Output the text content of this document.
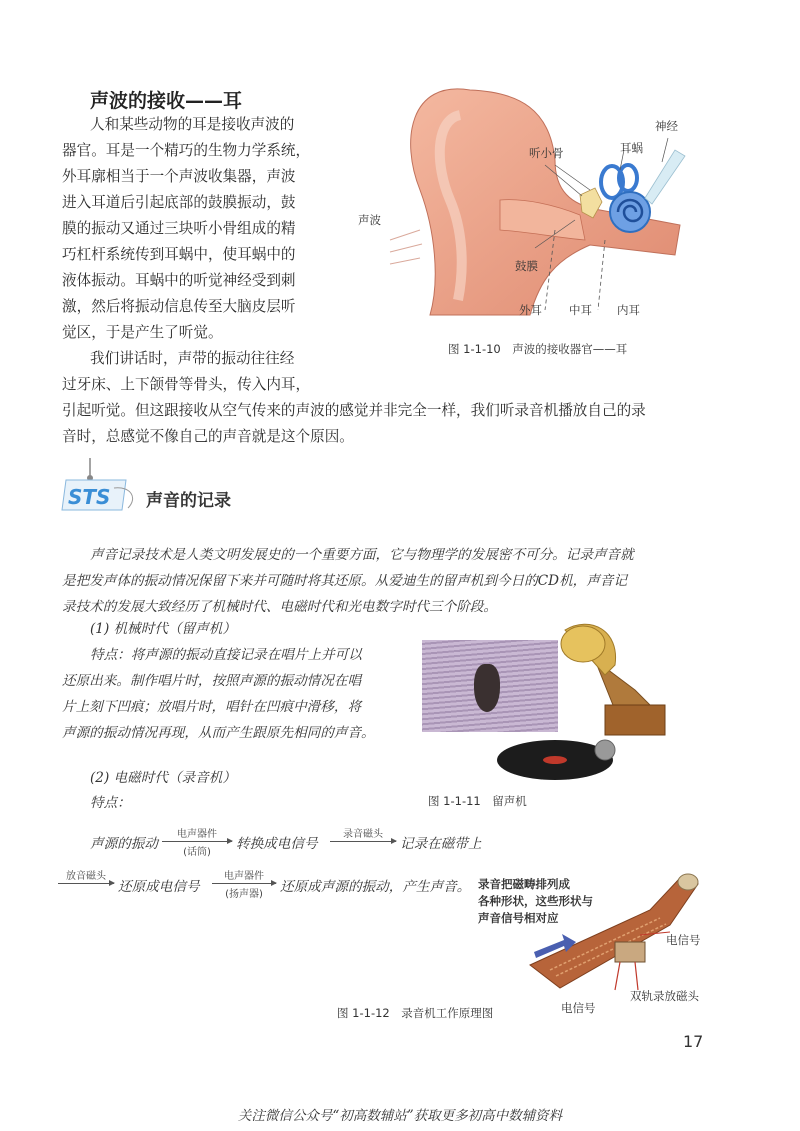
声波的接收——耳
人和某些动物的耳是接收声波的
器官。耳是一个精巧的生物力学系统，
外耳廓相当于一个声波收集器，声波
进入耳道后引起底部的鼓膜振动，鼓
膜的振动又通过三块听小骨组成的精
巧杠杆系统传到耳蜗中，使耳蜗中的
液体振动。耳蜗中的听觉神经受到刺
激，然后将振动信息传至大脑皮层听
觉区，于是产生了听觉。
我们讲话时，声带的振动往往经
过牙床、上下颌骨等骨头，传入内耳，
引起听觉。但这跟接收从空气传来的声波的感觉并非完全一样，我们听录音机播放自己的录
音时，总感觉不像自己的声音就是这个原因。
神经
听小骨	耳蜗
声波
鼓膜
外耳 中耳 内耳
图 1-1-10　声波的接收器官——耳
STS 声音的记录
声音记录技术是人类文明发展史的一个重要方面，它与物理学的发展密不可分。记录声音就
是把发声体的振动情况保留下来并可随时将其还原。从爱迪生的留声机到今日的CD机，声音记
录技术的发展大致经历了机械时代、电磁时代和光电数字时代三个阶段。
(1) 机械时代（留声机）
特点：将声源的振动直接记录在唱片上并可以
还原出来。制作唱片时，按照声源的振动情况在唱
片上刻下凹痕；放唱片时，唱针在凹痕中滑移，将
声源的振动情况再现，从而产生跟原先相同的声音。
图 1-1-11　留声机
(2) 电磁时代（录音机）
特点：
声源的振动
电声器件
(话筒)
转换成电信号
录音磁头
记录在磁带上
放音磁头
还原成电信号
电声器件
(扬声器)	还原成声源的振动，产生声音。 录音把磁畴排列成
各种形状，这些形状与
声音信号相对应
电信号
电信号
双轨录放磁头
图 1-1-12　录音机工作原理图
17
关注微信公众号“初高数辅站”获取更多初高中数辅资料
